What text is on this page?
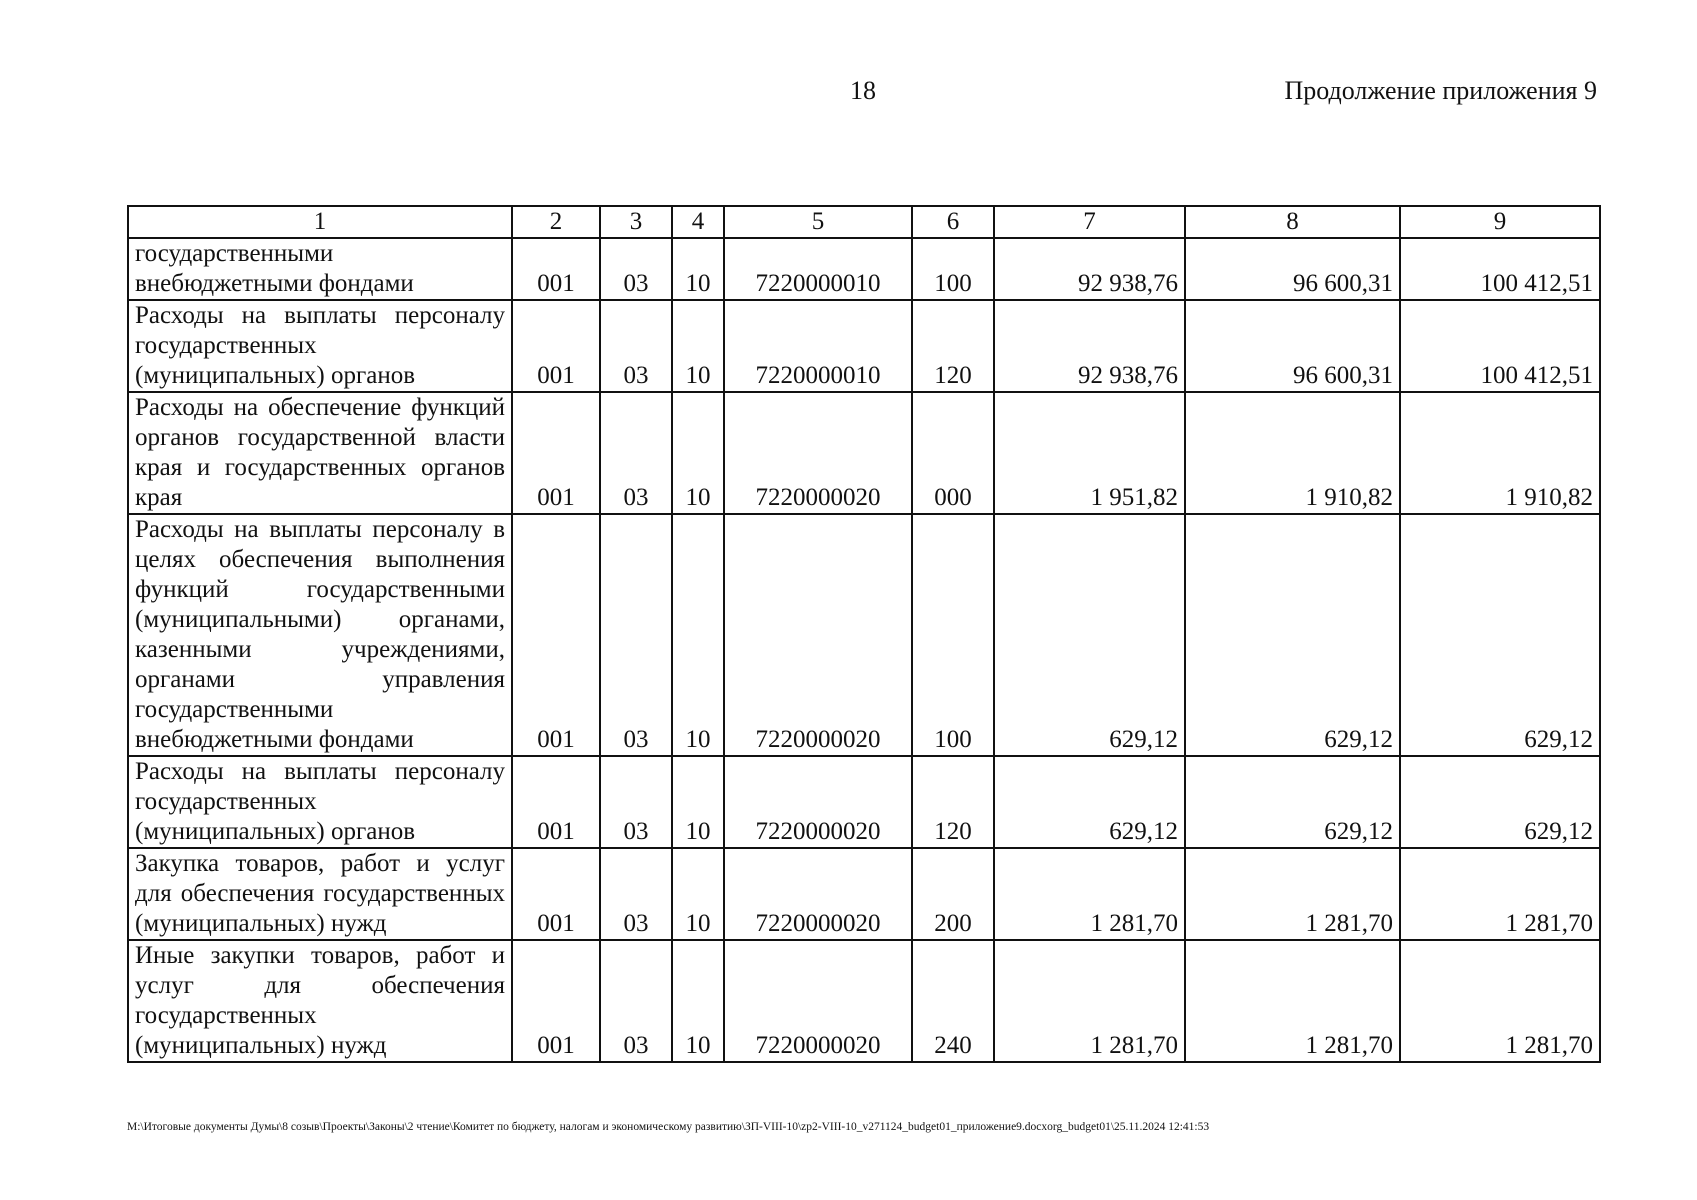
18	Продолжение приложения 9
1	2	3	4	5	6	7	8	9
государственными внебюджетными фондами	001	03	10	7220000010	100	92 938,76	96 600,31	100 412,51
Расходы на выплаты персоналу государственных (муниципальных) органов	001	03	10	7220000010	120	92 938,76	96 600,31	100 412,51
Расходы на обеспечение функций органов государственной власти края и государственных органов края	001	03	10	7220000020	000	1 951,82	1 910,82	1 910,82
Расходы на выплаты персоналу в целях обеспечения выполнения функций государственными (муниципальными) органами, казенными учреждениями, органами управления государственными внебюджетными фондами	001	03	10	7220000020	100	629,12	629,12	629,12
Расходы на выплаты персоналу государственных (муниципальных) органов	001	03	10	7220000020	120	629,12	629,12	629,12
Закупка товаров, работ и услуг для обеспечения государственных (муниципальных) нужд	001	03	10	7220000020	200	1 281,70	1 281,70	1 281,70
Иные закупки товаров, работ и услуг для обеспечения государственных (муниципальных) нужд	001	03	10	7220000020	240	1 281,70	1 281,70	1 281,70
M:\Итоговые документы Думы\8 созыв\Проекты\Законы\2 чтение\Комитет по бюджету, налогам и экономическому развитию\ЗП-VIII-10\zp2-VIII-10_v271124_budget01_приложение9.docxorg_budget01\25.11.2024 12:41:53
